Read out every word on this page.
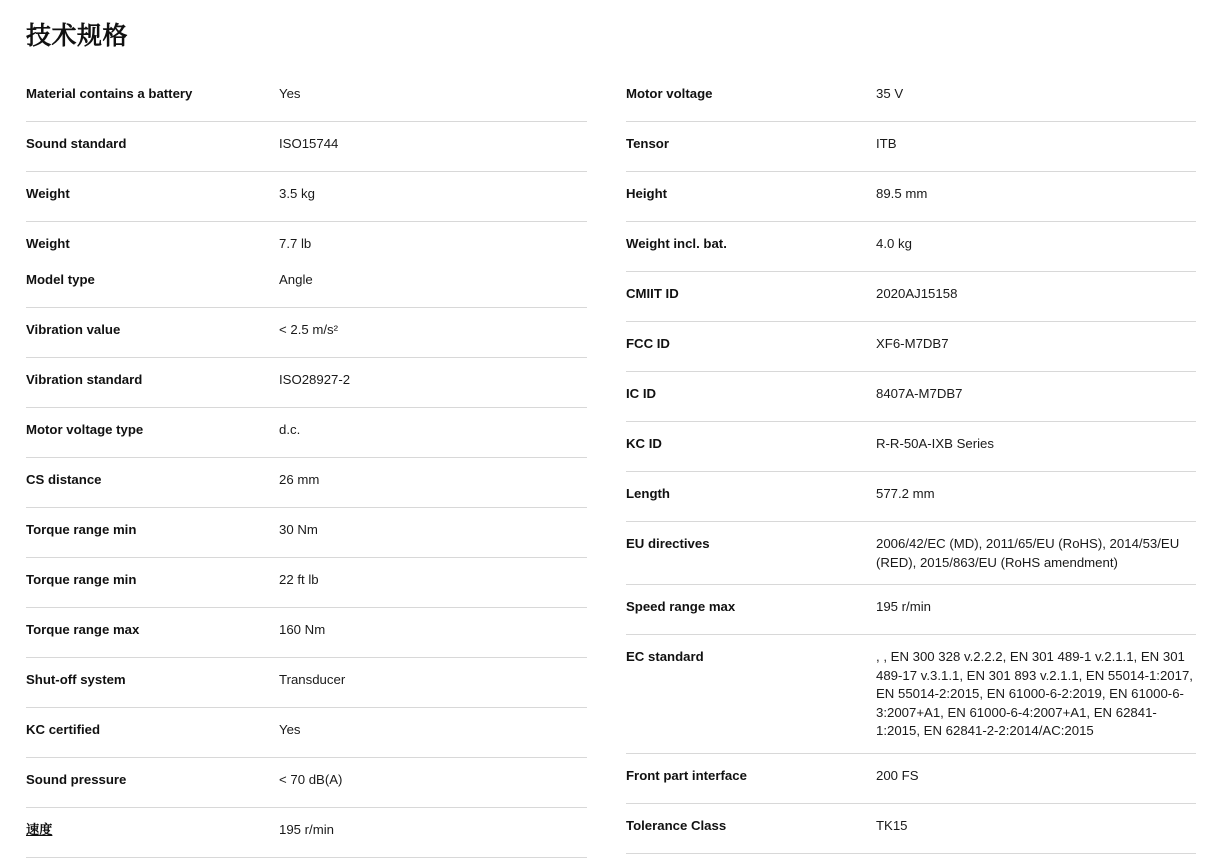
技术规格
Material contains a battery	Yes
Sound standard	ISO15744
Weight	3.5 kg
Weight	7.7 lb
Model type	Angle
Vibration value	< 2.5 m/s²
Vibration standard	ISO28927-2
Motor voltage type	d.c.
CS distance	26 mm
Torque range min	30 Nm
Torque range min	22 ft lb
Torque range max	160 Nm
Shut-off system	Transducer
KC certified	Yes
Sound pressure	< 70 dB(A)
速度	195 r/min
Motor voltage	35 V
Tensor	ITB
Height	89.5 mm
Weight incl. bat.	4.0 kg
CMIIT ID	2020AJ15158
FCC ID	XF6-M7DB7
IC ID	8407A-M7DB7
KC ID	R-R-50A-IXB Series
Length	577.2 mm
EU directives	2006/42/EC (MD), 2011/65/EU (RoHS), 2014/53/EU (RED), 2015/863/EU (RoHS amendment)
Speed range max	195 r/min
EC standard	, , EN 300 328 v.2.2.2, EN 301 489-1 v.2.1.1, EN 301 489-17 v.3.1.1, EN 301 893 v.2.1.1, EN 55014-1:2017, EN 55014-2:2015, EN 61000-6-2:2019, EN 61000-6-3:2007+A1, EN 61000-6-4:2007+A1, EN 62841-1:2015, EN 62841-2-2:2014/AC:2015
Front part interface	200 FS
Tolerance Class	TK15
